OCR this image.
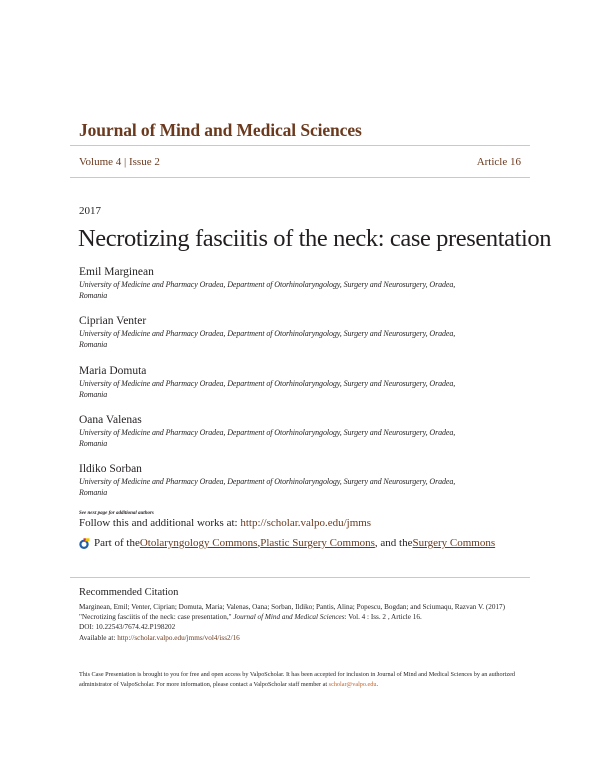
Journal of Mind and Medical Sciences
Volume 4 | Issue 2	Article 16
2017
Necrotizing fasciitis of the neck: case presentation
Emil Marginean
University of Medicine and Pharmacy Oradea, Department of Otorhinolaryngology, Surgery and Neurosurgery, Oradea,
Romania
Ciprian Venter
University of Medicine and Pharmacy Oradea, Department of Otorhinolaryngology, Surgery and Neurosurgery, Oradea,
Romania
Maria Domuta
University of Medicine and Pharmacy Oradea, Department of Otorhinolaryngology, Surgery and Neurosurgery, Oradea,
Romania
Oana Valenas
University of Medicine and Pharmacy Oradea, Department of Otorhinolaryngology, Surgery and Neurosurgery, Oradea,
Romania
Ildiko Sorban
University of Medicine and Pharmacy Oradea, Department of Otorhinolaryngology, Surgery and Neurosurgery, Oradea,
Romania
See next page for additional authors
Follow this and additional works at: http://scholar.valpo.edu/jmms
Part of the Otolaryngology Commons , Plastic Surgery Commons , and the Surgery Commons
Recommended Citation
Marginean, Emil; Venter, Ciprian; Domuta, Maria; Valenas, Oana; Sorban, Ildiko; Pantis, Alina; Popescu, Bogdan; and Sciumaqu, Razvan V. (2017) "Necrotizing fasciitis of the neck: case presentation," Journal of Mind and Medical Sciences: Vol. 4 : Iss. 2 , Article 16.
DOI: 10.22543/7674.42.P198202
Available at: http://scholar.valpo.edu/jmms/vol4/iss2/16
This Case Presentation is brought to you for free and open access by ValpoScholar. It has been accepted for inclusion in Journal of Mind and Medical Sciences by an authorized administrator of ValpoScholar. For more information, please contact a ValpoScholar staff member at scholar@valpo.edu.
